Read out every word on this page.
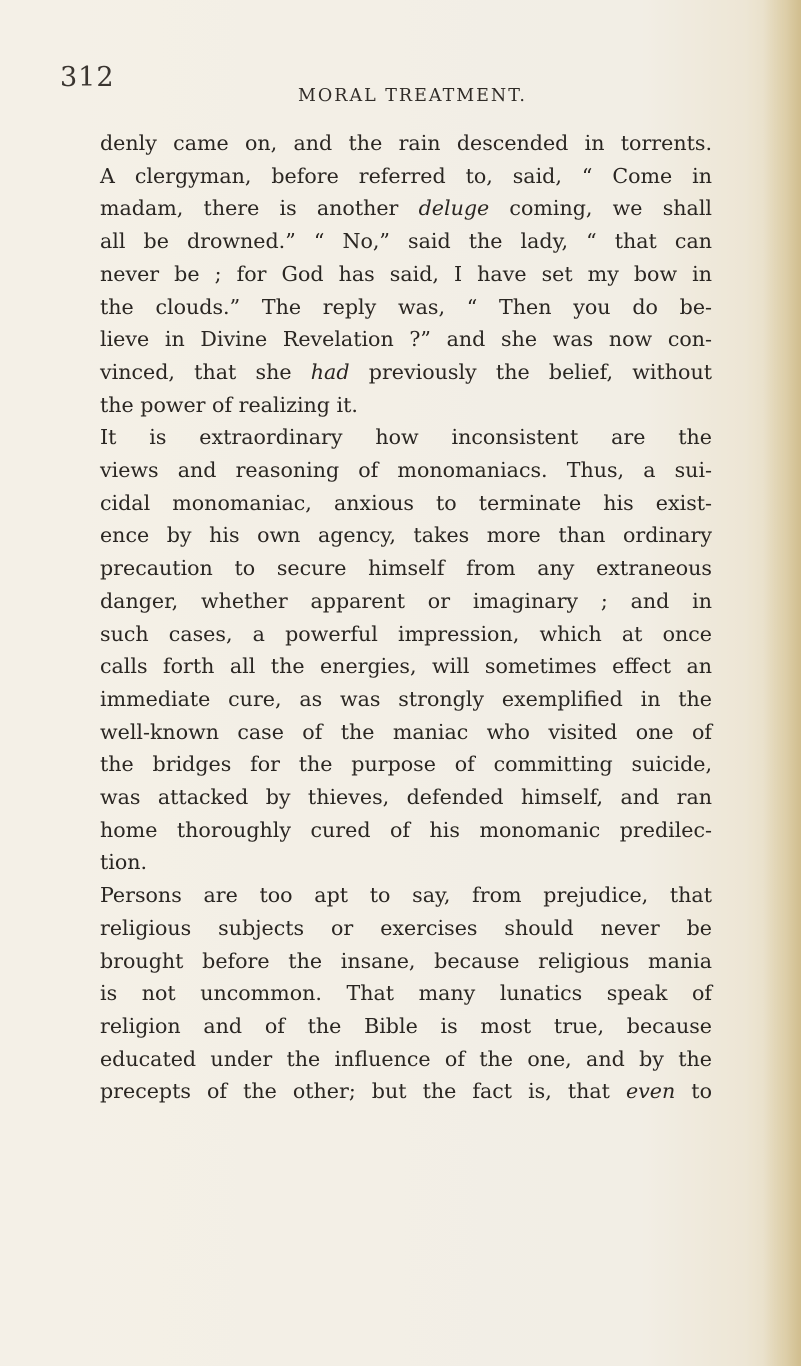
312
MORAL TREATMENT.
denly came on, and the rain descended in torrents.
A clergyman, before referred to, said, “ Come in
madam, there is another deluge coming, we shall
all be drowned.” “ No,” said the lady, “ that can
never be ; for God has said, I have set my bow in
the clouds.” The reply was, “ Then you do be-
lieve in Divine Revelation ?” and she was now con-
vinced, that she had previously the belief, without
the power of realizing it.
It is extraordinary how inconsistent are the
views and reasoning of monomaniacs. Thus, a sui-
cidal monomaniac, anxious to terminate his exist-
ence by his own agency, takes more than ordinary
precaution to secure himself from any extraneous
danger, whether apparent or imaginary ; and in
such cases, a powerful impression, which at once
calls forth all the energies, will sometimes effect an
immediate cure, as was strongly exemplified in the
well-known case of the maniac who visited one of
the bridges for the purpose of committing suicide,
was attacked by thieves, defended himself, and ran
home thoroughly cured of his monomanic predilec-
tion.
Persons are too apt to say, from prejudice, that
religious subjects or exercises should never be
brought before the insane, because religious mania
is not uncommon. That many lunatics speak of
religion and of the Bible is most true, because
educated under the influence of the one, and by the
precepts of the other; but the fact is, that even to
